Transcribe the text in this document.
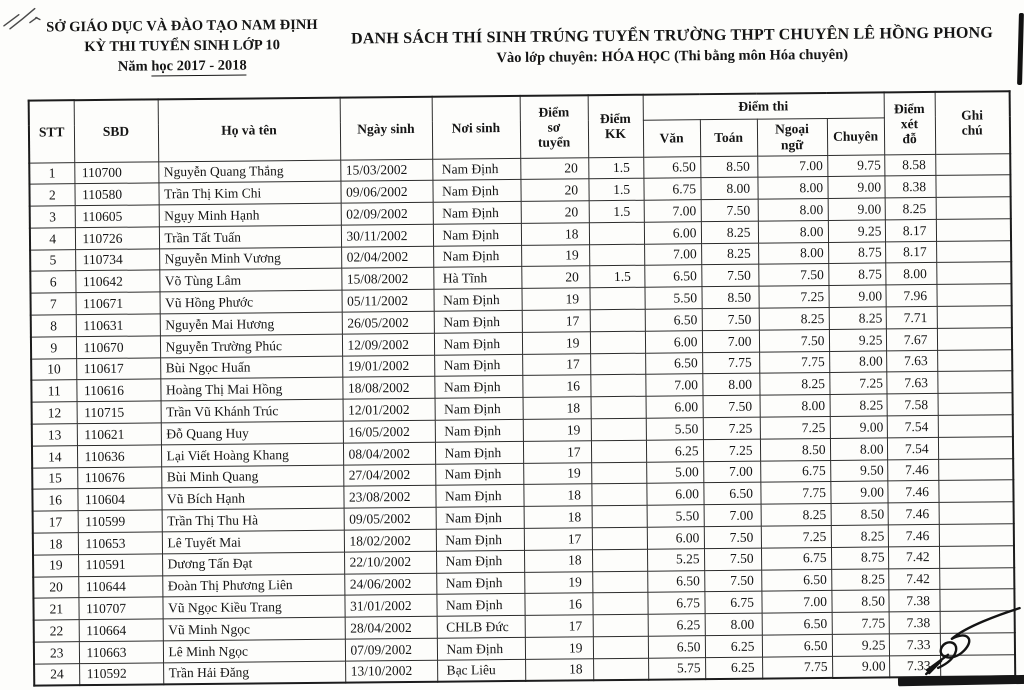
SỞ GIÁO DỤC VÀ ĐÀO TẠO NAM ĐỊNH
KỲ THI TUYỂN SINH LỚP 10
Năm học 2017 - 2018
DANH SÁCH THÍ SINH TRÚNG TUYỂN TRƯỜNG THPT CHUYÊN LÊ HỒNG PHONG
Vào lớp chuyên: HÓA HỌC (Thi bằng môn Hóa chuyên)
STT	SBD	Họ và tên	Ngày sinh	Nơi sinh	Điểm
sơ
tuyển	Điểm
KK	Điểm thi				Điểm
xét
đỗ	Ghi
chú
							Văn	Toán	Ngoại
ngữ	Chuyên		
1	110700	Nguyễn Quang Thắng	15/03/2002	Nam Định	20	1.5	6.50	8.50	7.00	9.75	8.58	
2	110580	Trần Thị Kim Chi	09/06/2002	Nam Định	20	1.5	6.75	8.00	8.00	9.00	8.38	
3	110605	Ngụy Minh Hạnh	02/09/2002	Nam Định	20	1.5	7.00	7.50	8.00	9.00	8.25	
4	110726	Trần Tất Tuấn	30/11/2002	Nam Định	18		6.00	8.25	8.00	9.25	8.17	
5	110734	Nguyễn Minh Vương	02/04/2002	Nam Định	19		7.00	8.25	8.00	8.75	8.17	
6	110642	Võ Tùng Lâm	15/08/2002	Hà Tĩnh	20	1.5	6.50	7.50	7.50	8.75	8.00	
7	110671	Vũ Hồng Phước	05/11/2002	Nam Định	19		5.50	8.50	7.25	9.00	7.96	
8	110631	Nguyễn Mai Hương	26/05/2002	Nam Định	17		6.50	7.50	8.25	8.25	7.71	
9	110670	Nguyễn Trường Phúc	12/09/2002	Nam Định	19		6.00	7.00	7.50	9.25	7.67	
10	110617	Bùi Ngọc Huấn	19/01/2002	Nam Định	17		6.50	7.75	7.75	8.00	7.63	
11	110616	Hoàng Thị Mai Hồng	18/08/2002	Nam Định	16		7.00	8.00	8.25	7.25	7.63	
12	110715	Trần Vũ Khánh Trúc	12/01/2002	Nam Định	18		6.00	7.50	8.00	8.25	7.58	
13	110621	Đỗ Quang Huy	16/05/2002	Nam Định	19		5.50	7.25	7.25	9.00	7.54	
14	110636	Lại Viết Hoàng Khang	08/04/2002	Nam Định	17		6.25	7.25	8.50	8.00	7.54	
15	110676	Bùi Minh Quang	27/04/2002	Nam Định	19		5.00	7.00	6.75	9.50	7.46	
16	110604	Vũ Bích Hạnh	23/08/2002	Nam Định	18		6.00	6.50	7.75	9.00	7.46	
17	110599	Trần Thị Thu Hà	09/05/2002	Nam Định	18		5.50	7.00	8.25	8.50	7.46	
18	110653	Lê Tuyết Mai	18/02/2002	Nam Định	17		6.00	7.50	7.25	8.25	7.46	
19	110591	Dương Tấn Đạt	22/10/2002	Nam Định	18		5.25	7.50	6.75	8.75	7.42	
20	110644	Đoàn Thị Phương Liên	24/06/2002	Nam Định	19		6.50	7.50	6.50	8.25	7.42	
21	110707	Vũ Ngọc Kiều Trang	31/01/2002	Nam Định	16		6.75	6.75	7.00	8.50	7.38	
22	110664	Vũ Minh Ngọc	28/04/2002	CHLB Đức	17		6.25	8.00	6.50	7.75	7.38	
23	110663	Lê Minh Ngọc	07/09/2002	Nam Định	19		6.50	6.25	6.50	9.25	7.33	
24	110592	Trần Hải Đăng	13/10/2002	Bạc Liêu	18		5.75	6.25	7.75	9.00	7.33	
